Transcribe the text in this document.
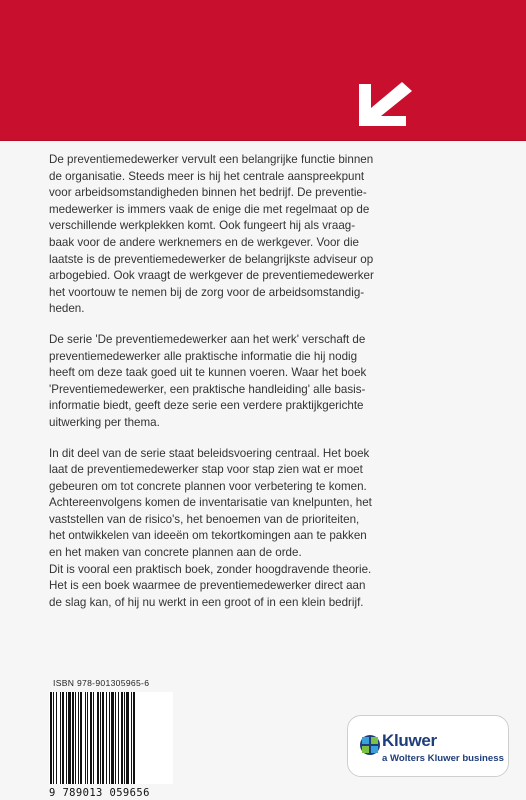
De preventiemedewerker vervult een belangrijke functie binnen
de organisatie. Steeds meer is hij het centrale aanspreekpunt
voor arbeidsomstandigheden binnen het bedrijf. De preventie-
medewerker is immers vaak de enige die met regelmaat op de
verschillende werkplekken komt. Ook fungeert hij als vraag-
baak voor de andere werknemers en de werkgever. Voor die
laatste is de preventiemedewerker de belangrijkste adviseur op
arbogebied. Ook vraagt de werkgever de preventiemedewerker
het voortouw te nemen bij de zorg voor de arbeidsomstandig-
heden.

De serie 'De preventiemedewerker aan het werk' verschaft de
preventiemedewerker alle praktische informatie die hij nodig
heeft om deze taak goed uit te kunnen voeren. Waar het boek
'Preventiemedewerker, een praktische handleiding' alle basis-
informatie biedt, geeft deze serie een verdere praktijkgerichte
uitwerking per thema.

In dit deel van de serie staat beleidsvoering centraal. Het boek
laat de preventiemedewerker stap voor stap zien wat er moet
gebeuren om tot concrete plannen voor verbetering te komen.
Achtereenvolgens komen de inventarisatie van knelpunten, het
vaststellen van de risico's, het benoemen van de prioriteiten,
het ontwikkelen van ideeën om tekortkomingen aan te pakken
en het maken van concrete plannen aan de orde.
Dit is vooral een praktisch boek, zonder hoogdravende theorie.
Het is een boek waarmee de preventiemedewerker direct aan
de slag kan, of hij nu werkt in een groot of in een klein bedrijf.

ISBN 978-901305965-6
9 789013 059656
Kluwer
a Wolters Kluwer business
